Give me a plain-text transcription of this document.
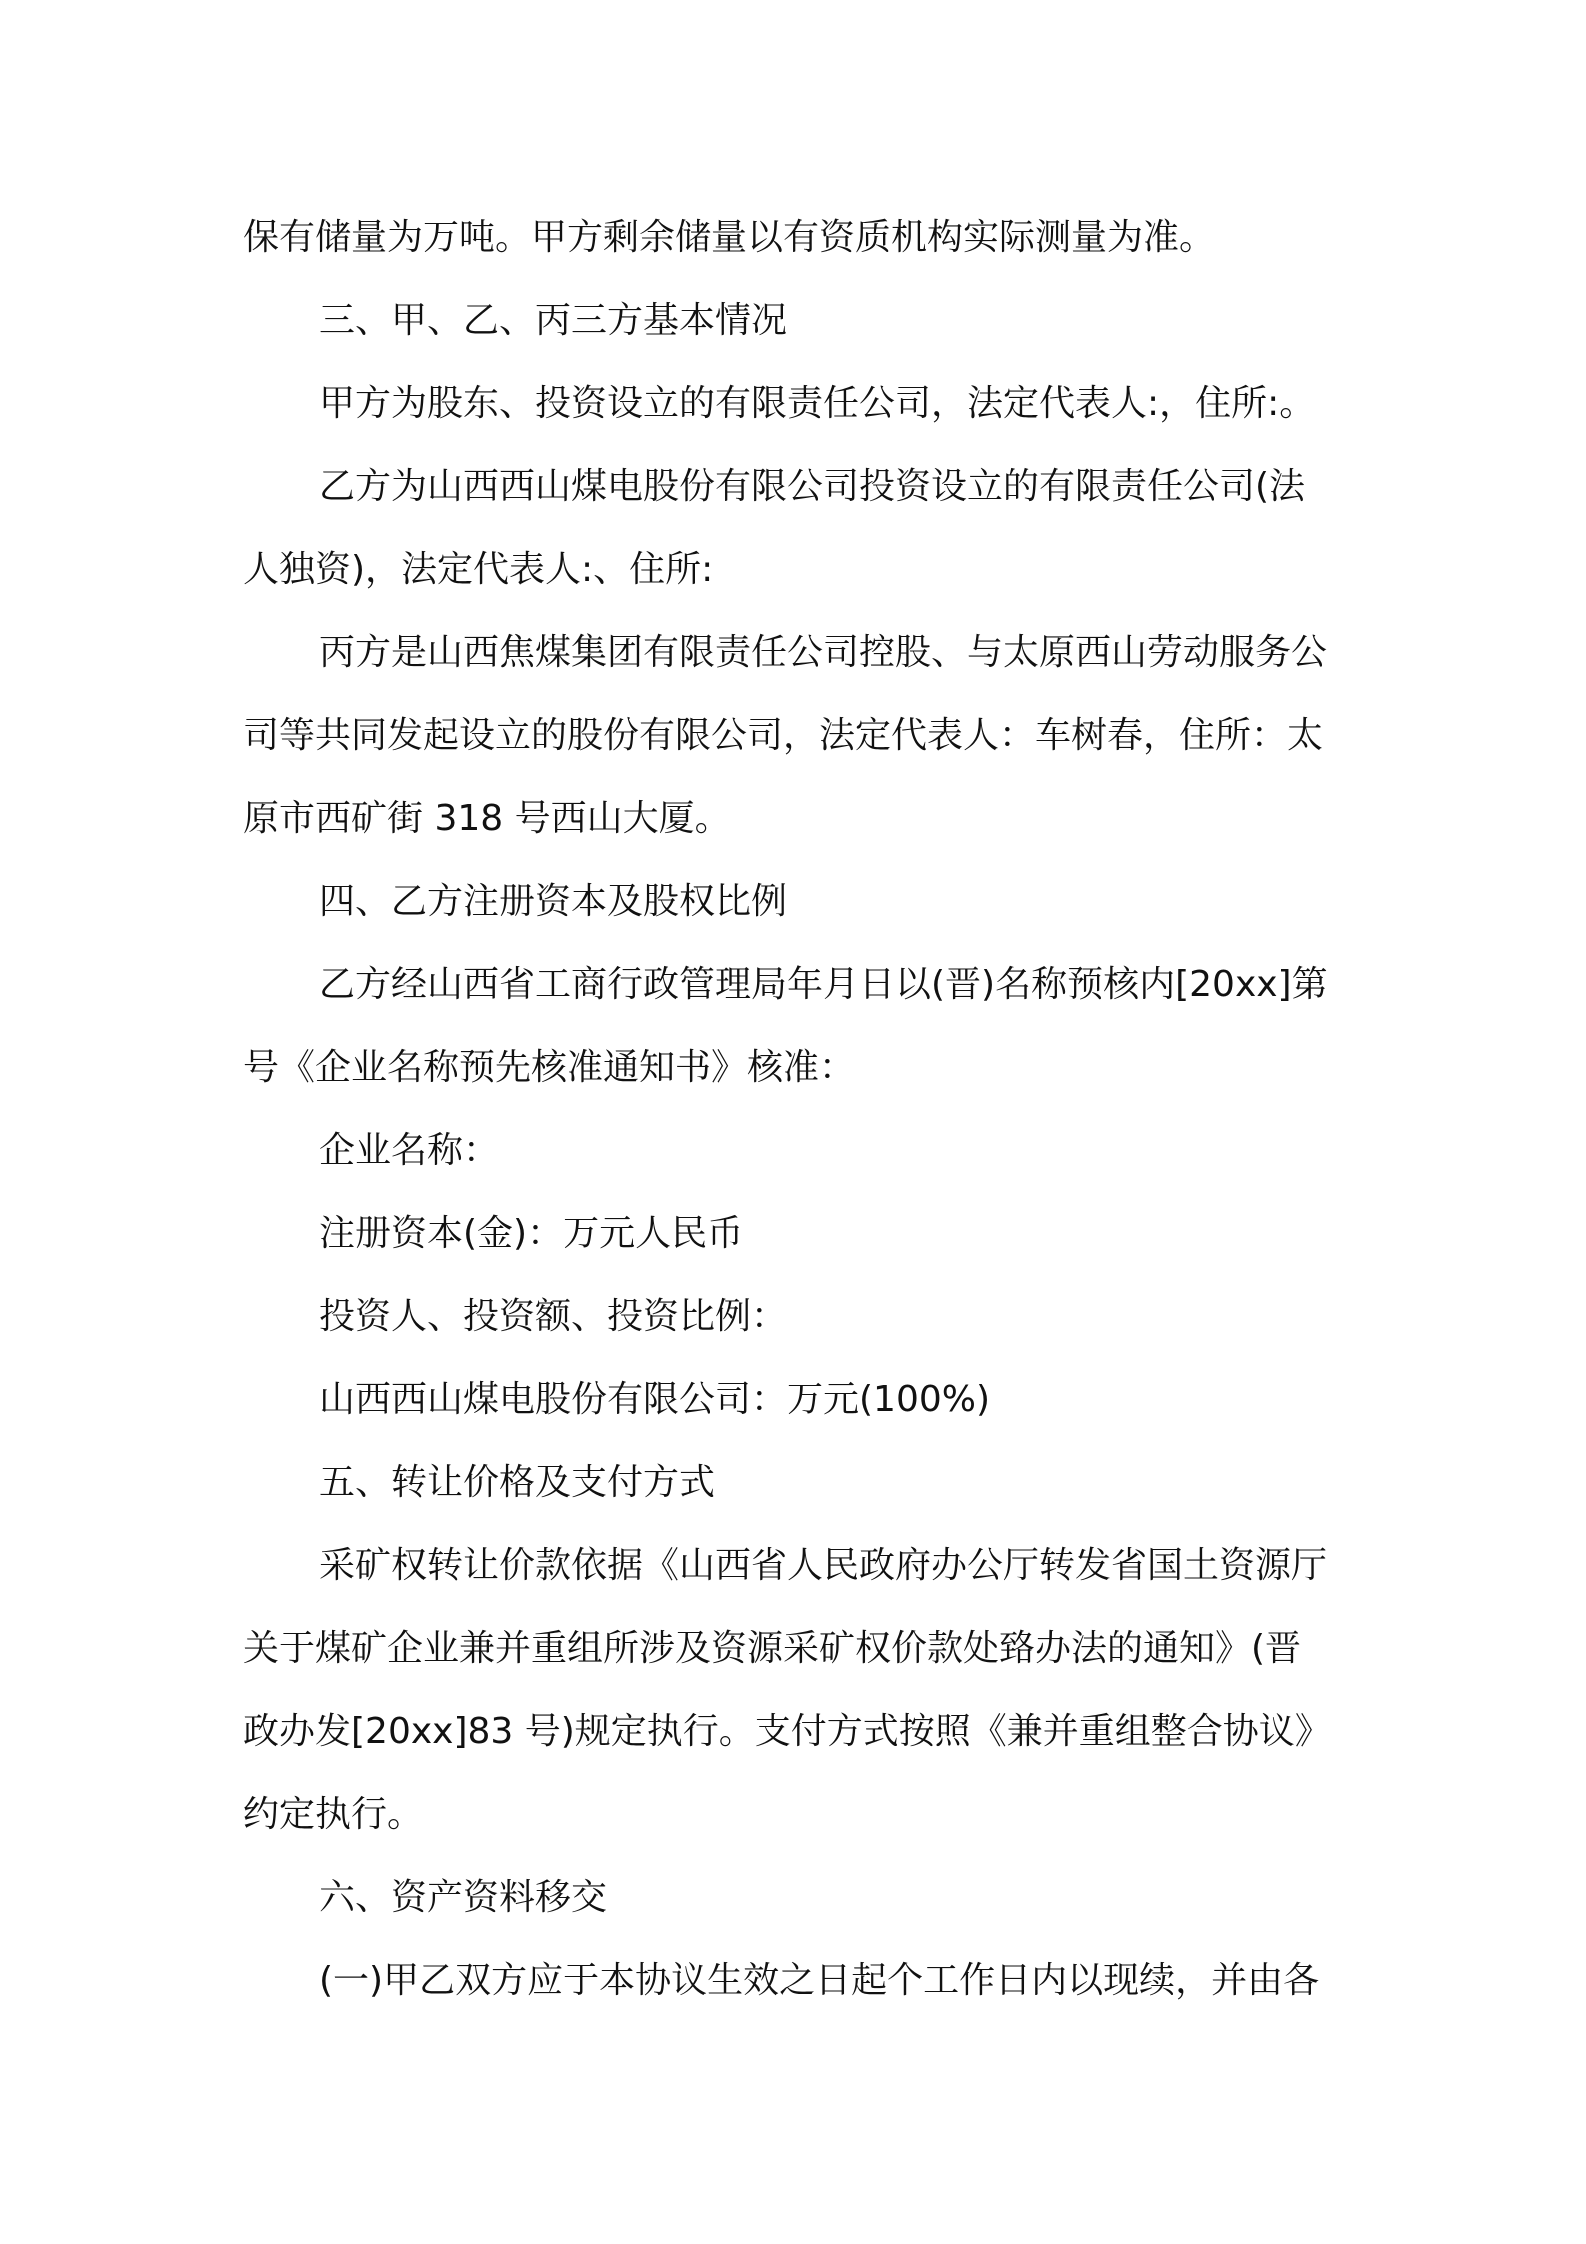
保有储量为万吨。甲方剩余储量以有资质机构实际测量为准。
三、甲、乙、丙三方基本情况
甲方为股东、投资设立的有限责任公司，法定代表人:，住所:。
乙方为山西西山煤电股份有限公司投资设立的有限责任公司(法
人独资)，法定代表人:、住所:
丙方是山西焦煤集团有限责任公司控股、与太原西山劳动服务公
司等共同发起设立的股份有限公司，法定代表人：车树春，住所：太
原市西矿街 318 号西山大厦。
四、乙方注册资本及股权比例
乙方经山西省工商行政管理局年月日以(晋)名称预核内[20xx]第
号《企业名称预先核准通知书》核准：
企业名称：
注册资本(金)：万元人民币
投资人、投资额、投资比例：
山西西山煤电股份有限公司：万元(100%)
五、转让价格及支付方式
采矿权转让价款依据《山西省人民政府办公厅转发省国土资源厅
关于煤矿企业兼并重组所涉及资源采矿权价款处臵办法的通知》(晋
政办发[20xx]83 号)规定执行。支付方式按照《兼并重组整合协议》
约定执行。
六、资产资料移交
(一)甲乙双方应于本协议生效之日起个工作日内以现续，并由各
